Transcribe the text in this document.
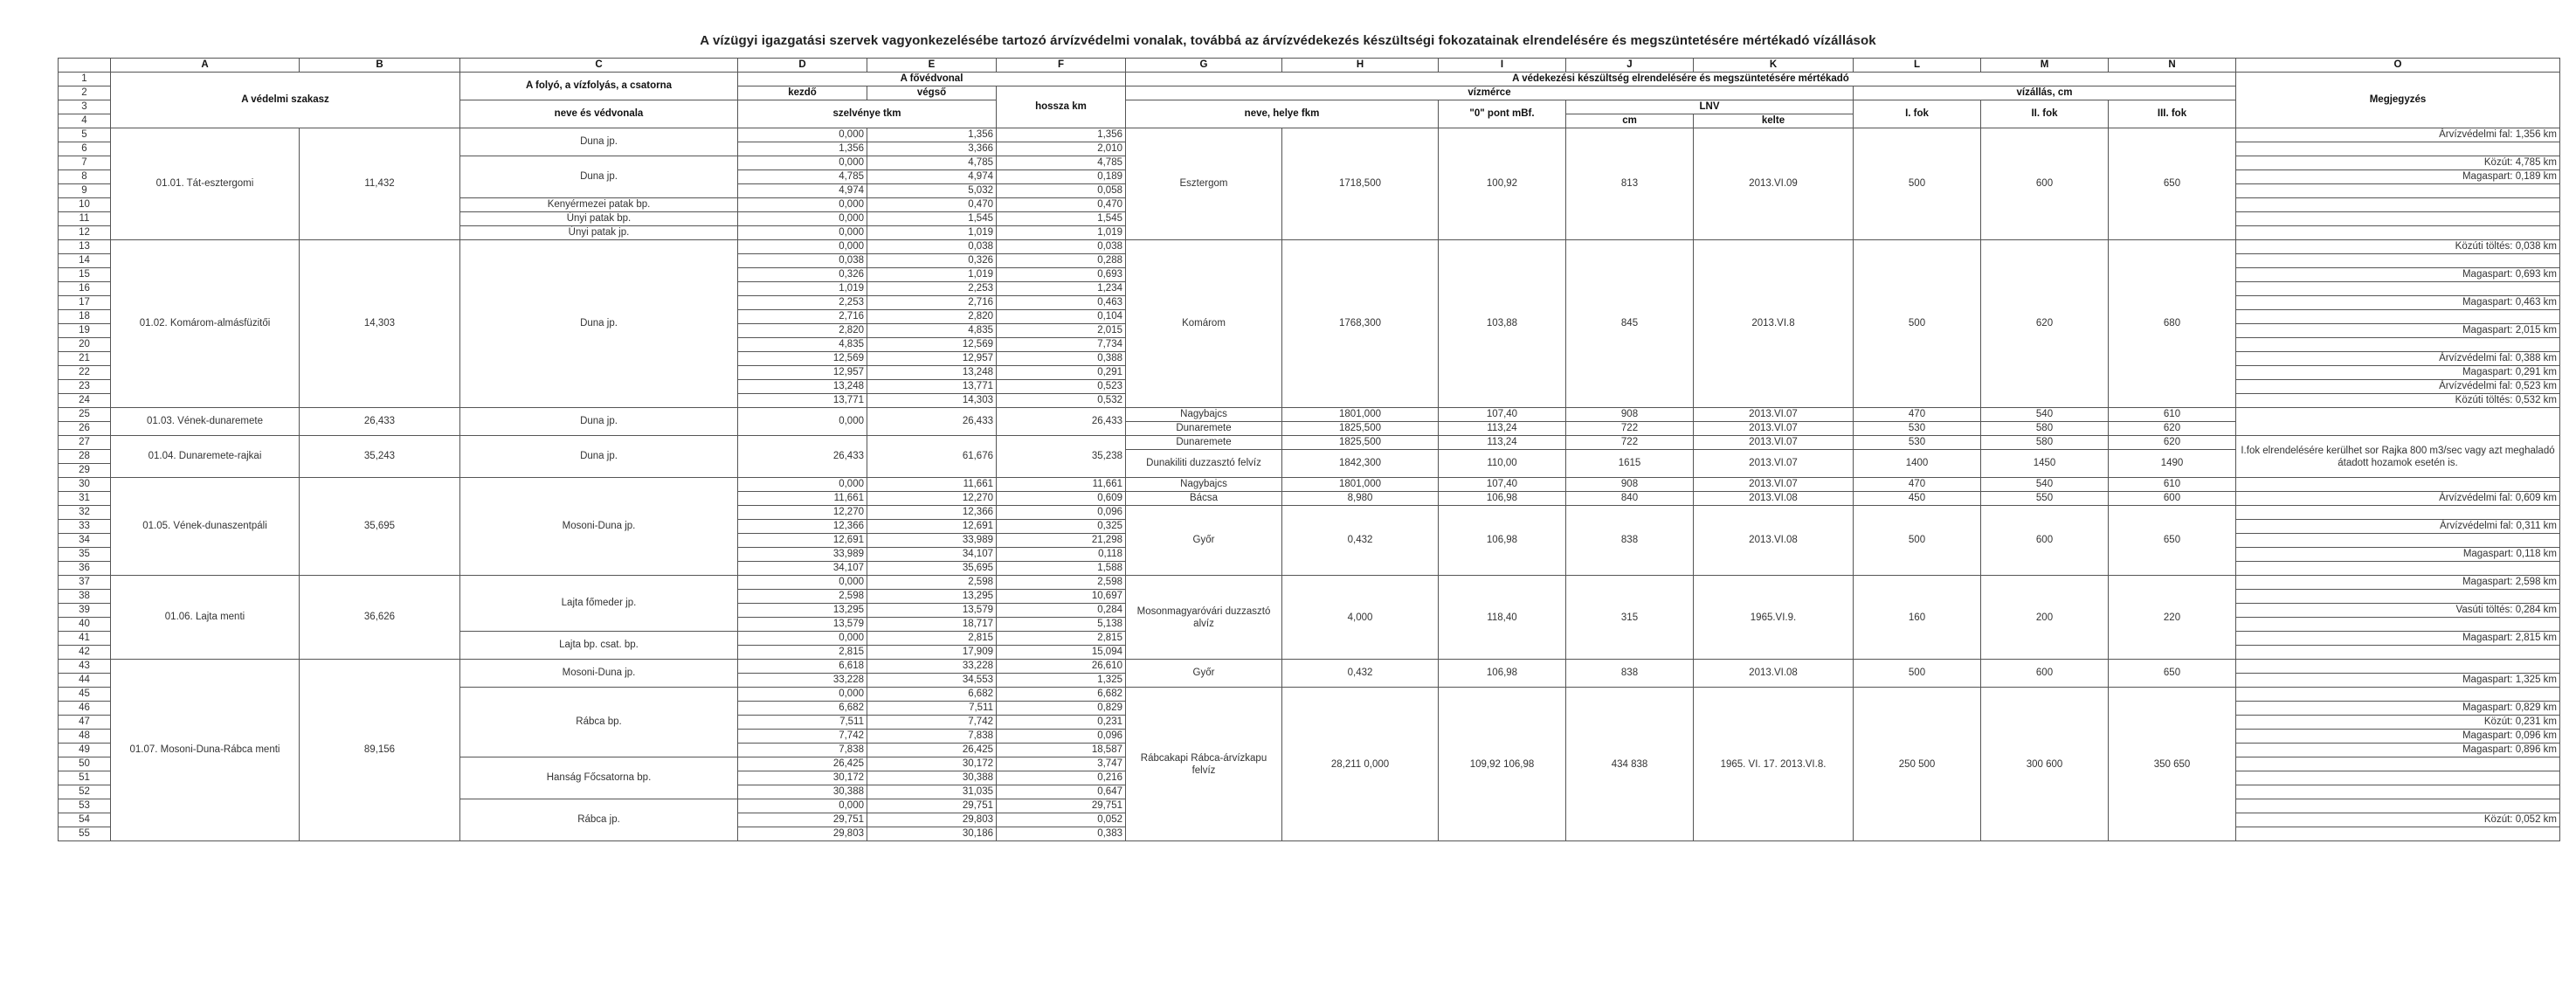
A vízügyi igazgatási szervek vagyonkezelésébe tartozó árvízvédelmi vonalak, továbbá az árvízvédekezés készültségi fokozatainak elrendelésére és megszüntetésére mértékadó vízállások
	A	B	C	D	E	F	G	H	I	J	K	L	M	N	O
1	A védelmi szakasz		A folyó, a vízfolyás, a csatorna	A fővédvonal			A védekezési készültség elrendelésére és megszüntetésére mértékadó								Megjegyzés
2				kezdő	végső	hossza km	vízmérce					vízállás, cm			
3			neve és védvonala	szelvénye tkm			neve, helye fkm		"0" pont mBf.	LNV		I. fok	II. fok	III. fok	
4										cm	kelte				
5	01.01. Tát-esztergomi	11,432	Duna jp.	0,000	1,356	1,356	Esztergom	1718,500	100,92	813	2013.VI.09	500	600	650	Árvízvédelmi fal: 1,356 km
6				1,356	3,366	2,010									
7			Duna jp.	0,000	4,785	4,785									Közút: 4,785 km
8				4,785	4,974	0,189									Magaspart: 0,189 km
9				4,974	5,032	0,058									
10			Kenyérmezei patak bp.	0,000	0,470	0,470									
11			Únyi patak bp.	0,000	1,545	1,545									
12			Únyi patak jp.	0,000	1,019	1,019									
13	01.02. Komárom-almásfüzitői	14,303	Duna jp.	0,000	0,038	0,038	Komárom	1768,300	103,88	845	2013.VI.8	500	620	680	Közúti töltés: 0,038 km
14				0,038	0,326	0,288									
15				0,326	1,019	0,693									Magaspart: 0,693 km
16				1,019	2,253	1,234									
17				2,253	2,716	0,463									Magaspart: 0,463 km
18				2,716	2,820	0,104									
19				2,820	4,835	2,015									Magaspart: 2,015 km
20				4,835	12,569	7,734									
21				12,569	12,957	0,388									Árvízvédelmi fal: 0,388 km
22				12,957	13,248	0,291									Magaspart: 0,291 km
23				13,248	13,771	0,523									Árvízvédelmi fal: 0,523 km
24				13,771	14,303	0,532									Közúti töltés: 0,532 km
25	01.03. Vének-dunaremete	26,433	Duna jp.	0,000	26,433	26,433	Nagybajcs	1801,000	107,40	908	2013.VI.07	470	540	610	
26							Dunaremete	1825,500	113,24	722	2013.VI.07	530	580	620	
27	01.04. Dunaremete-rajkai	35,243	Duna jp.	26,433	61,676	35,238	Dunaremete	1825,500	113,24	722	2013.VI.07	530	580	620	I.fok elrendelésére kerülhet sor Rajka 800 m3/sec vagy azt meghaladó átadott hozamok esetén is.
28							Dunakiliti duzzasztó felvíz	1842,300	110,00	1615	2013.VI.07	1400	1450	1490	
29															
30	01.05. Vének-dunaszentpáli	35,695	Mosoni-Duna jp.	0,000	11,661	11,661	Nagybajcs	1801,000	107,40	908	2013.VI.07	470	540	610	
31				11,661	12,270	0,609	Bácsa	8,980	106,98	840	2013.VI.08	450	550	600	Árvízvédelmi fal: 0,609 km
32				12,270	12,366	0,096	Győr	0,432	106,98	838	2013.VI.08	500	600	650	
33				12,366	12,691	0,325									Árvízvédelmi fal: 0,311 km
34				12,691	33,989	21,298									
35				33,989	34,107	0,118									Magaspart: 0,118 km
36				34,107	35,695	1,588									
37	01.06. Lajta menti	36,626	Lajta főmeder jp.	0,000	2,598	2,598	Mosonmagyaróvári duzzasztó alvíz	4,000	118,40	315	1965.VI.9.	160	200	220	Magaspart: 2,598 km
38				2,598	13,295	10,697									
39				13,295	13,579	0,284									Vasúti töltés: 0,284 km
40				13,579	18,717	5,138									
41			Lajta bp. csat. bp.	0,000	2,815	2,815									Magaspart: 2,815 km
42				2,815	17,909	15,094									
43	01.07. Mosoni-Duna-Rábca menti	89,156	Mosoni-Duna jp.	6,618	33,228	26,610	Győr	0,432	106,98	838	2013.VI.08	500	600	650	
44				33,228	34,553	1,325									Magaspart: 1,325 km
45			Rábca bp.	0,000	6,682	6,682	Rábcakapi Rábca-árvízkapu felvíz	28,211 0,000	109,92 106,98	434 838	1965. VI. 17. 2013.VI.8.	250 500	300 600	350 650	
46				6,682	7,511	0,829									Magaspart: 0,829 km
47				7,511	7,742	0,231									Közút: 0,231 km
48				7,742	7,838	0,096									Magaspart: 0,096 km
49				7,838	26,425	18,587									Magaspart: 0,896 km
50			Hanság Főcsatorna bp.	26,425	30,172	3,747									
51				30,172	30,388	0,216									
52				30,388	31,035	0,647									
53			Rábca jp.	0,000	29,751	29,751									
54				29,751	29,803	0,052									Közút: 0,052 km
55				29,803	30,186	0,383									
